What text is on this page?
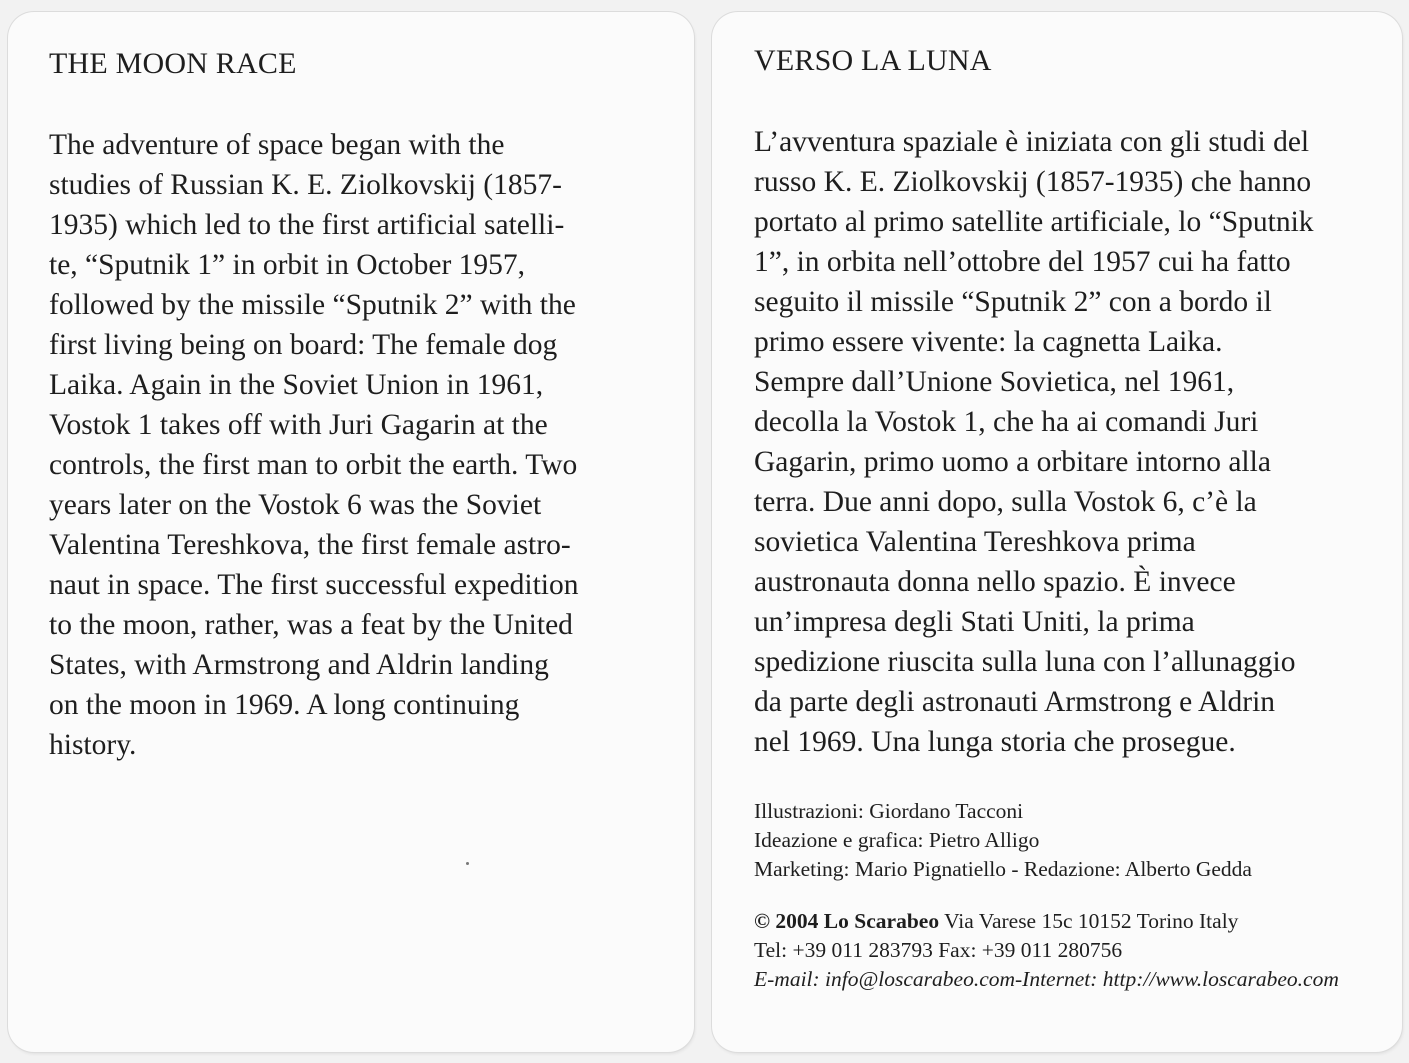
THE MOON RACE
The adventure of space began with the
studies of Russian K. E. Ziolkovskij (1857-
1935) which led to the first artificial satelli-
te, “Sputnik 1” in orbit in October 1957,
followed by the missile “Sputnik 2” with the
first living being on board: The female dog
Laika. Again in the Soviet Union in 1961,
Vostok 1 takes off with Juri Gagarin at the
controls, the first man to orbit the earth. Two
years later on the Vostok 6 was the Soviet
Valentina Tereshkova, the first female astro-
naut in space. The first successful expedition
to the moon, rather, was a feat by the United
States, with Armstrong and Aldrin landing
on the moon in 1969. A long continuing
history.
VERSO LA LUNA
L’avventura spaziale è iniziata con gli studi del
russo K. E. Ziolkovskij (1857-1935) che hanno
portato al primo satellite artificiale, lo “Sputnik
1”, in orbita nell’ottobre del 1957 cui ha fatto
seguito il missile “Sputnik 2” con a bordo il
primo essere vivente: la cagnetta Laika.
Sempre dall’Unione Sovietica, nel 1961,
decolla la Vostok 1, che ha ai comandi Juri
Gagarin, primo uomo a orbitare intorno alla
terra. Due anni dopo, sulla Vostok 6, c’è la
sovietica Valentina Tereshkova prima
austronauta donna nello spazio. È invece
un’impresa degli Stati Uniti, la prima
spedizione riuscita sulla luna con l’allunaggio
da parte degli astronauti Armstrong e Aldrin
nel 1969. Una lunga storia che prosegue.
Illustrazioni: Giordano Tacconi
Ideazione e grafica: Pietro Alligo
Marketing: Mario Pignatiello - Redazione: Alberto Gedda
© 2004 Lo Scarabeo Via Varese 15c 10152 Torino Italy
Tel: +39 011 283793 Fax: +39 011 280756
E-mail: info@loscarabeo.com-Internet: http://www.loscarabeo.com
